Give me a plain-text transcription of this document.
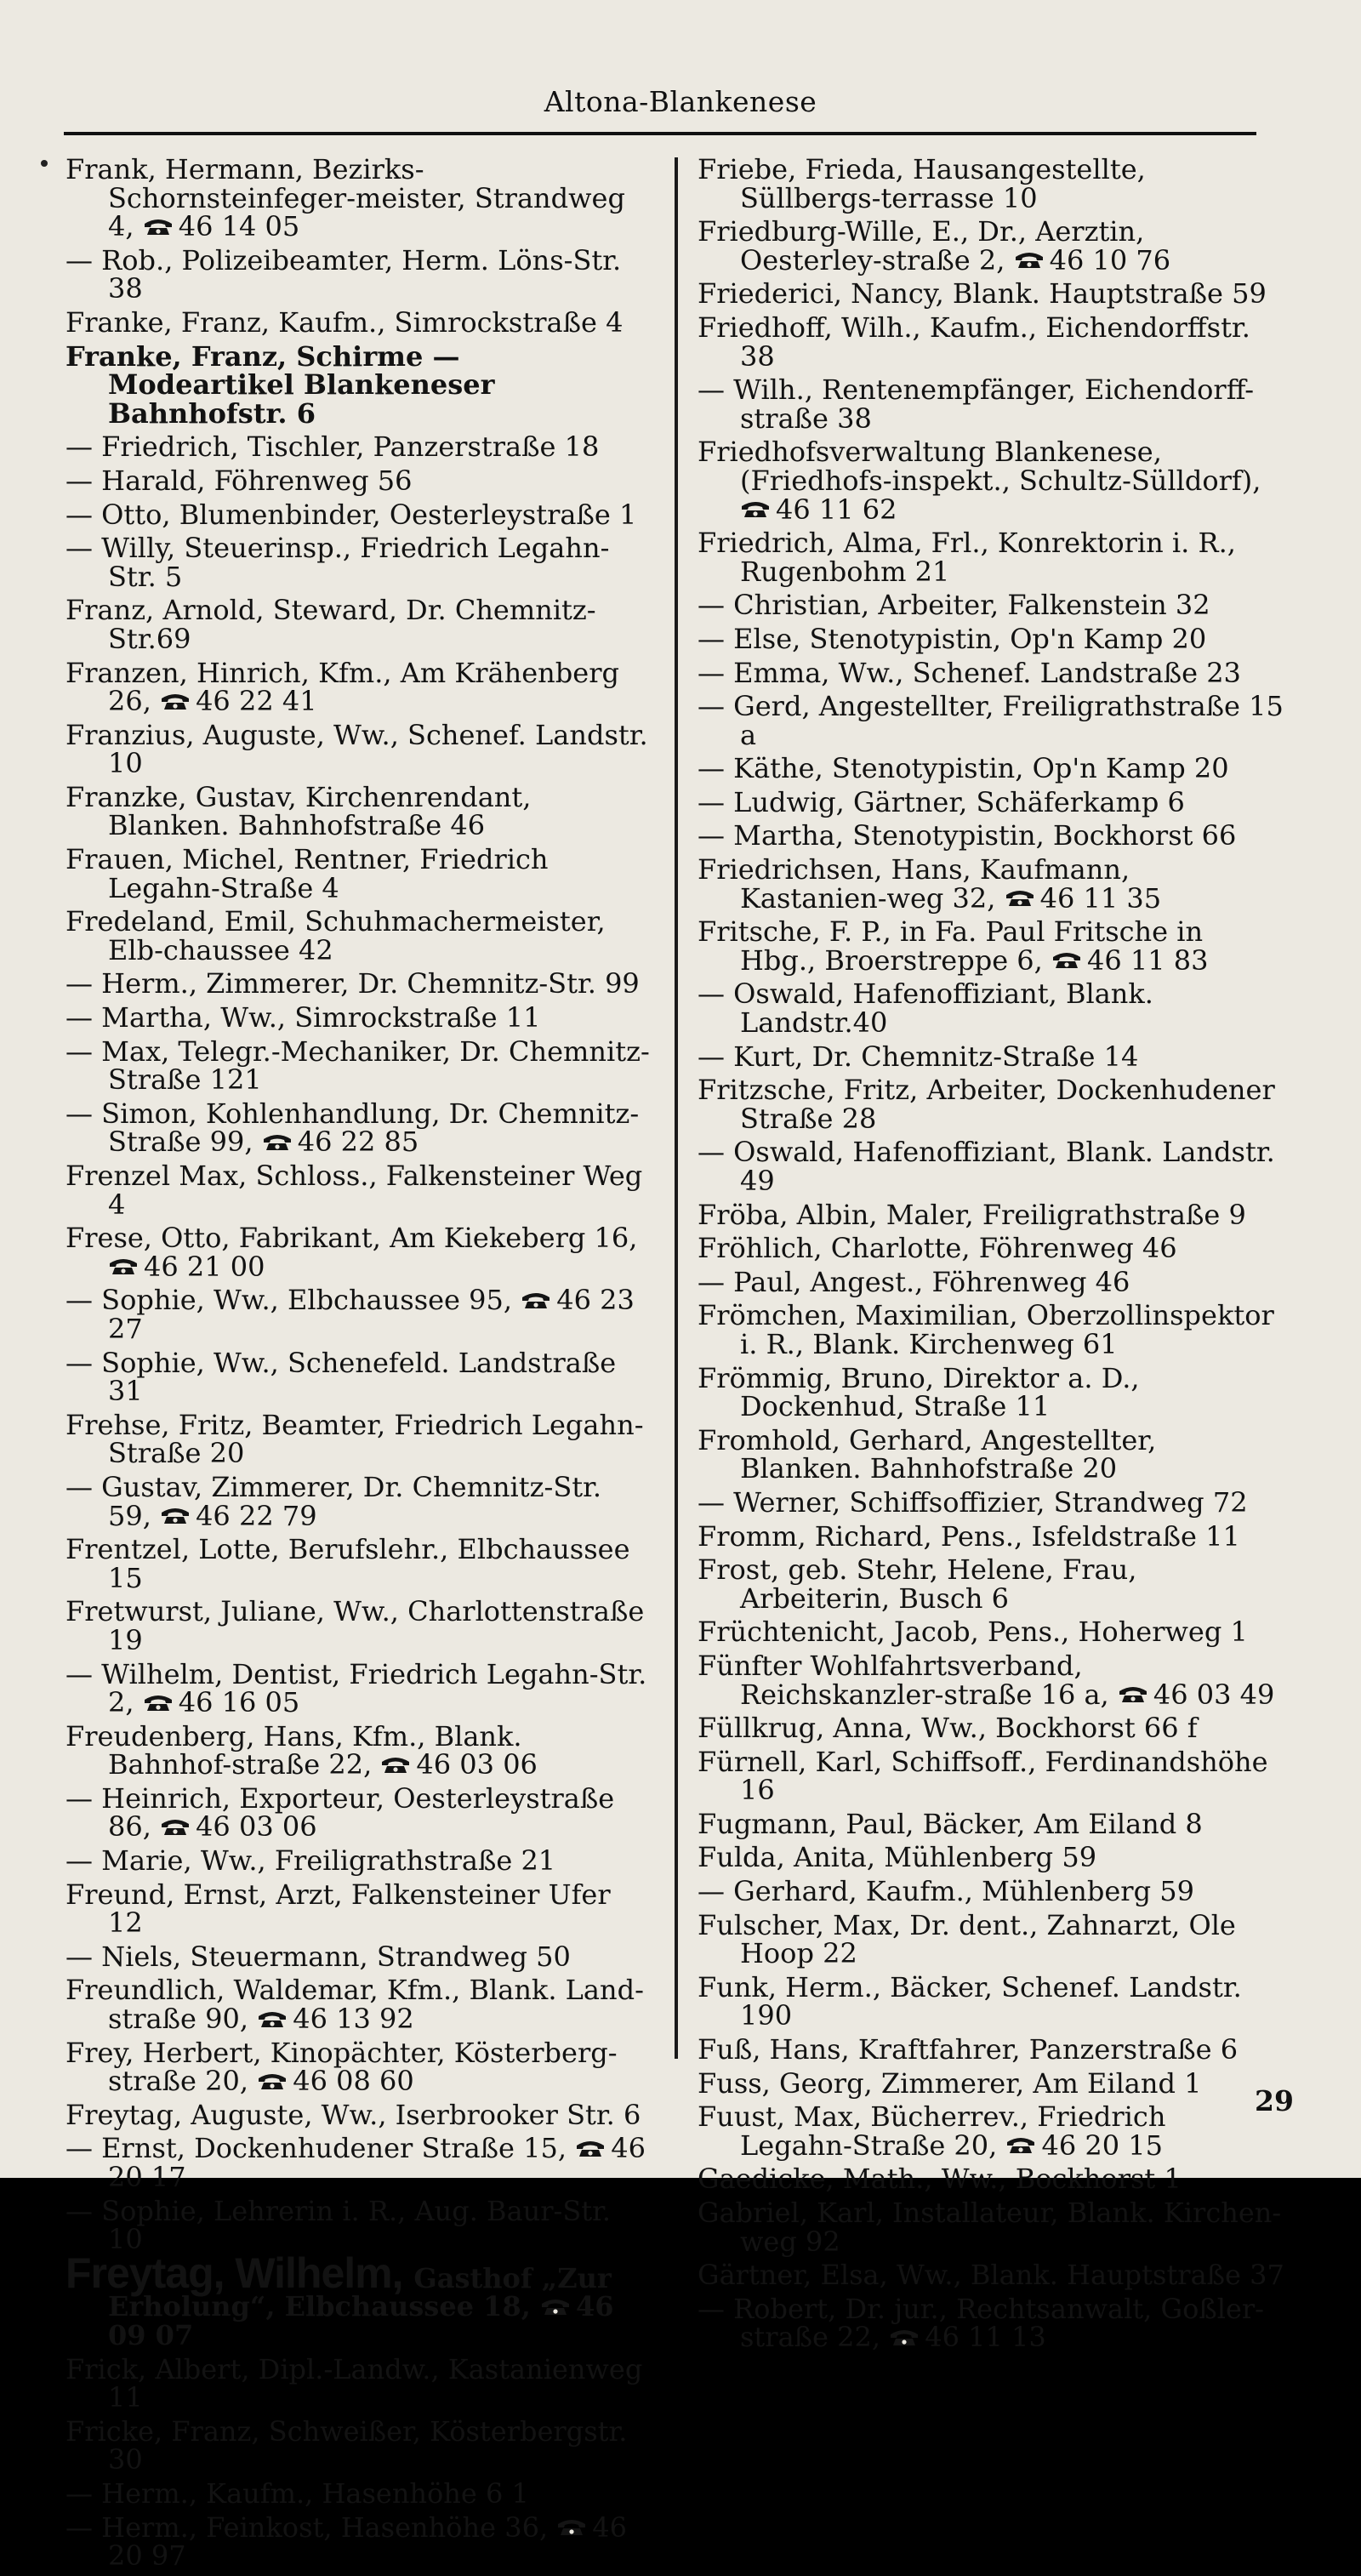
Altona-Blankenese
Frank, Hermann, Bezirks-Schornsteinfeger-meister, Strandweg 4, 46 14 05
— Rob., Polizeibeamter, Herm. Löns-Str. 38
Franke, Franz, Kaufm., Simrockstraße 4
Franke, Franz, Schirme — Modeartikel Blankeneser Bahnhofstr. 6
— Friedrich, Tischler, Panzerstraße 18
— Harald, Föhrenweg 56
— Otto, Blumenbinder, Oesterleystraße 1
— Willy, Steuerinsp., Friedrich Legahn-Str. 5
Franz, Arnold, Steward, Dr. Chemnitz-Str.69
Franzen, Hinrich, Kfm., Am Krähenberg 26, 46 22 41
Franzius, Auguste, Ww., Schenef. Landstr. 10
Franzke, Gustav, Kirchenrendant, Blanken. Bahnhofstraße 46
Frauen, Michel, Rentner, Friedrich Legahn-Straße 4
Fredeland, Emil, Schuhmachermeister, Elb-chaussee 42
— Herm., Zimmerer, Dr. Chemnitz-Str. 99
— Martha, Ww., Simrockstraße 11
— Max, Telegr.-Mechaniker, Dr. Chemnitz-Straße 121
— Simon, Kohlenhandlung, Dr. Chemnitz-Straße 99, 46 22 85
Frenzel Max, Schloss., Falkensteiner Weg 4
Frese, Otto, Fabrikant, Am Kiekeberg 16, 46 21 00
— Sophie, Ww., Elbchaussee 95, 46 23 27
— Sophie, Ww., Schenefeld. Landstraße 31
Frehse, Fritz, Beamter, Friedrich Legahn-Straße 20
— Gustav, Zimmerer, Dr. Chemnitz-Str. 59, 46 22 79
Frentzel, Lotte, Berufslehr., Elbchaussee 15
Fretwurst, Juliane, Ww., Charlottenstraße 19
— Wilhelm, Dentist, Friedrich Legahn-Str. 2, 46 16 05
Freudenberg, Hans, Kfm., Blank. Bahnhof-straße 22, 46 03 06
— Heinrich, Exporteur, Oesterleystraße 86, 46 03 06
— Marie, Ww., Freiligrathstraße 21
Freund, Ernst, Arzt, Falkensteiner Ufer 12
— Niels, Steuermann, Strandweg 50
Freundlich, Waldemar, Kfm., Blank. Land-straße 90, 46 13 92
Frey, Herbert, Kinopächter, Kösterberg-straße 20, 46 08 60
Freytag, Auguste, Ww., Iserbrooker Str. 6
— Ernst, Dockenhudener Straße 15, 46 20 17
— Sophie, Lehrerin i. R., Aug. Baur-Str. 10
Freytag, Wilhelm, Gasthof „Zur Erholung“, Elbchaussee 18, 46 09 07
Frick, Albert, Dipl.-Landw., Kastanienweg 11
Fricke, Franz, Schweißer, Kösterbergstr. 30
— Herm., Kaufm., Hasenhöhe 6 1
— Herm., Feinkost, Hasenhöhe 36, 46 20 97
Friebe, Frieda, Hausangestellte, Süllbergs-terrasse 10
Friedburg-Wille, E., Dr., Aerztin, Oesterley-straße 2, 46 10 76
Friederici, Nancy, Blank. Hauptstraße 59
Friedhoff, Wilh., Kaufm., Eichendorffstr. 38
— Wilh., Rentenempfänger, Eichendorff-straße 38
Friedhofsverwaltung Blankenese, (Friedhofs-inspekt., Schultz-Sülldorf), 46 11 62
Friedrich, Alma, Frl., Konrektorin i. R., Rugenbohm 21
— Christian, Arbeiter, Falkenstein 32
— Else, Stenotypistin, Op'n Kamp 20
— Emma, Ww., Schenef. Landstraße 23
— Gerd, Angestellter, Freiligrathstraße 15 a
— Käthe, Stenotypistin, Op'n Kamp 20
— Ludwig, Gärtner, Schäferkamp 6
— Martha, Stenotypistin, Bockhorst 66
Friedrichsen, Hans, Kaufmann, Kastanien-weg 32, 46 11 35
Fritsche, F. P., in Fa. Paul Fritsche in Hbg., Broerstreppe 6, 46 11 83
— Oswald, Hafenoffiziant, Blank. Landstr.40
— Kurt, Dr. Chemnitz-Straße 14
Fritzsche, Fritz, Arbeiter, Dockenhudener Straße 28
— Oswald, Hafenoffiziant, Blank. Landstr. 49
Fröba, Albin, Maler, Freiligrathstraße 9
Fröhlich, Charlotte, Föhrenweg 46
— Paul, Angest., Föhrenweg 46
Frömchen, Maximilian, Oberzollinspektor i. R., Blank. Kirchenweg 61
Frömmig, Bruno, Direktor a. D., Dockenhud, Straße 11
Fromhold, Gerhard, Angestellter, Blanken. Bahnhofstraße 20
— Werner, Schiffsoffizier, Strandweg 72
Fromm, Richard, Pens., Isfeldstraße 11
Frost, geb. Stehr, Helene, Frau, Arbeiterin, Busch 6
Früchtenicht, Jacob, Pens., Hoherweg 1
Fünfter Wohlfahrtsverband, Reichskanzler-straße 16 a, 46 03 49
Füllkrug, Anna, Ww., Bockhorst 66 f
Fürnell, Karl, Schiffsoff., Ferdinandshöhe 16
Fugmann, Paul, Bäcker, Am Eiland 8
Fulda, Anita, Mühlenberg 59
— Gerhard, Kaufm., Mühlenberg 59
Fulscher, Max, Dr. dent., Zahnarzt, Ole Hoop 22
Funk, Herm., Bäcker, Schenef. Landstr. 190
Fuß, Hans, Kraftfahrer, Panzerstraße 6
Fuss, Georg, Zimmerer, Am Eiland 1
Fuust, Max, Bücherrev., Friedrich Legahn-Straße 20, 46 20 15
Gaedicke, Math., Ww., Bockhorst 1
Gabriel, Karl, Installateur, Blank. Kirchen-weg 92
Gärtner, Elsa, Ww., Blank. Hauptstraße 37
— Robert, Dr. jur., Rechtsanwalt, Goßler-straße 22, 46 11 13
29
